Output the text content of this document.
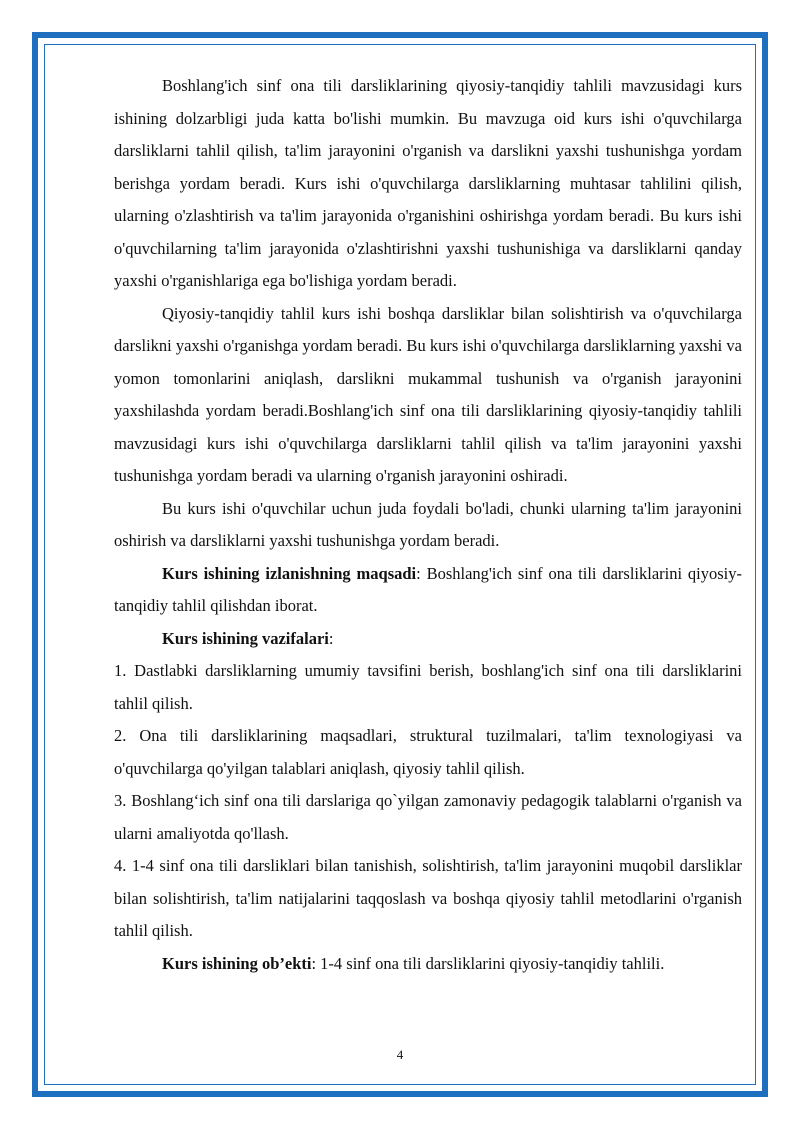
Boshlang'ich sinf ona tili darsliklarining qiyosiy-tanqidiy tahlili mavzusidagi kurs ishining dolzarbligi juda katta bo'lishi mumkin. Bu mavzuga oid kurs ishi o'quvchilarga darsliklarni tahlil qilish, ta'lim jarayonini o'rganish va darslikni yaxshi tushunishga yordam berishga yordam beradi. Kurs ishi o'quvchilarga darsliklarning muhtasar tahlilini qilish, ularning o'zlashtirish va ta'lim jarayonida o'rganishini oshirishga yordam beradi. Bu kurs ishi o'quvchilarning ta'lim jarayonida o'zlashtirishni yaxshi tushunishiga va darsliklarni qanday yaxshi o'rganishlariga ega bo'lishiga yordam beradi.

Qiyosiy-tanqidiy tahlil kurs ishi boshqa darsliklar bilan solishtirish va o'quvchilarga darslikni yaxshi o'rganishga yordam beradi. Bu kurs ishi o'quvchilarga darsliklarning yaxshi va yomon tomonlarini aniqlash, darslikni mukammal tushunish va o'rganish jarayonini yaxshilashda yordam beradi.Boshlang'ich sinf ona tili darsliklarining qiyosiy-tanqidiy tahlili mavzusidagi kurs ishi o'quvchilarga darsliklarni tahlil qilish va ta'lim jarayonini yaxshi tushunishga yordam beradi va ularning o'rganish jarayonini oshiradi.

Bu kurs ishi o'quvchilar uchun juda foydali bo'ladi, chunki ularning ta'lim jarayonini oshirish va darsliklarni yaxshi tushunishga yordam beradi.

Kurs ishining izlanishning maqsadi: Boshlang'ich sinf ona tili darsliklarini qiyosiy-tanqidiy tahlil qilishdan iborat.

Kurs ishining vazifalari:

1. Dastlabki darsliklarning umumiy tavsifini berish, boshlang'ich sinf ona tili darsliklarini tahlil qilish.

2. Ona tili darsliklarining maqsadlari, struktural tuzilmalari, ta'lim texnologiyasi va o'quvchilarga qo'yilgan talablari aniqlash, qiyosiy tahlil qilish.

3. Boshlang‘ich sinf ona tili darslariga qo`yilgan zamonaviy pedagogik talablarni o'rganish va ularni amaliyotda qo'llash.

4. 1-4 sinf ona tili darsliklari bilan tanishish, solishtirish, ta'lim jarayonini muqobil darsliklar bilan solishtirish, ta'lim natijalarini taqqoslash va boshqa qiyosiy tahlil metodlarini o'rganish tahlil qilish.

Kurs ishining ob’ekti: 1-4 sinf ona tili darsliklarini qiyosiy-tanqidiy tahlili.

4
